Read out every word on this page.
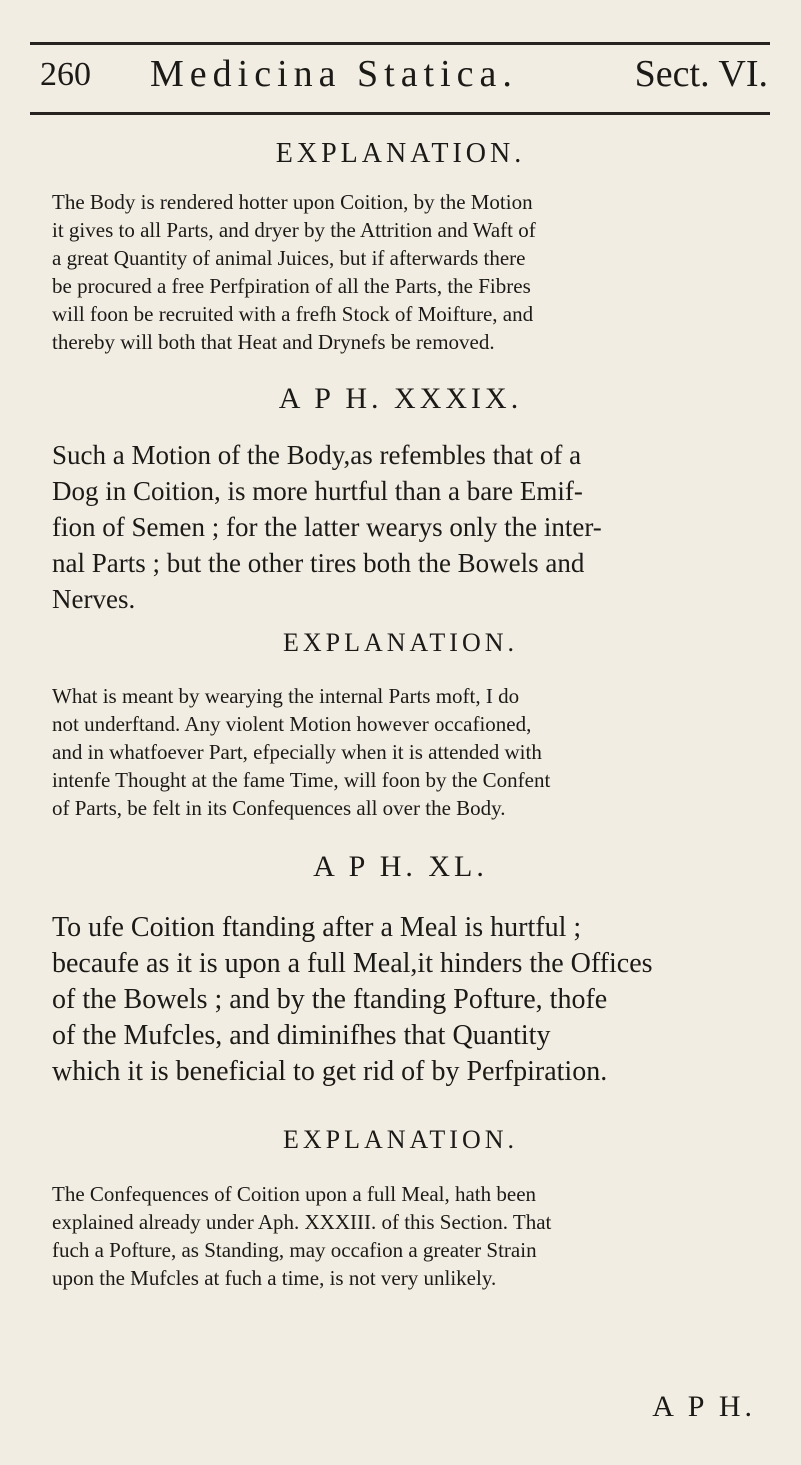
260 Medicina Statica.	Sect. VI.
EXPLANATION.
The Body is rendered hotter upon Coition, by the Motion
it gives to all Parts, and dryer by the Attrition and Waft of
a great Quantity of animal Juices, but if afterwards there
be procured a free Perfpiration of all the Parts, the Fibres
will foon be recruited with a frefh Stock of Moifture, and
thereby will both that Heat and Drynefs be removed.
A P H. XXXIX.
Such a Motion of the Body,as refembles that of a
Dog in Coition, is more hurtful than a bare Emif-
fion of Semen ; for the latter wearys only the inter-
nal Parts ; but the other tires both the Bowels and
Nerves.
EXPLANATION.
What is meant by wearying the internal Parts moft, I do
not underftand. Any violent Motion however occafioned,
and in whatfoever Part, efpecially when it is attended with
intenfe Thought at the fame Time, will foon by the Confent
of Parts, be felt in its Confequences all over the Body.
A P H. XL.
To ufe Coition ftanding after a Meal is hurtful ;
becaufe as it is upon a full Meal,it hinders the Offices
of the Bowels ; and by the ftanding Pofture, thofe
of the Mufcles, and diminifhes that Quantity
which it is beneficial to get rid of by Perfpiration.
EXPLANATION.
The Confequences of Coition upon a full Meal, hath been
explained already under Aph. XXXIII. of this Section. That
fuch a Pofture, as Standing, may occafion a greater Strain
upon the Mufcles at fuch a time, is not very unlikely.
A P H.
